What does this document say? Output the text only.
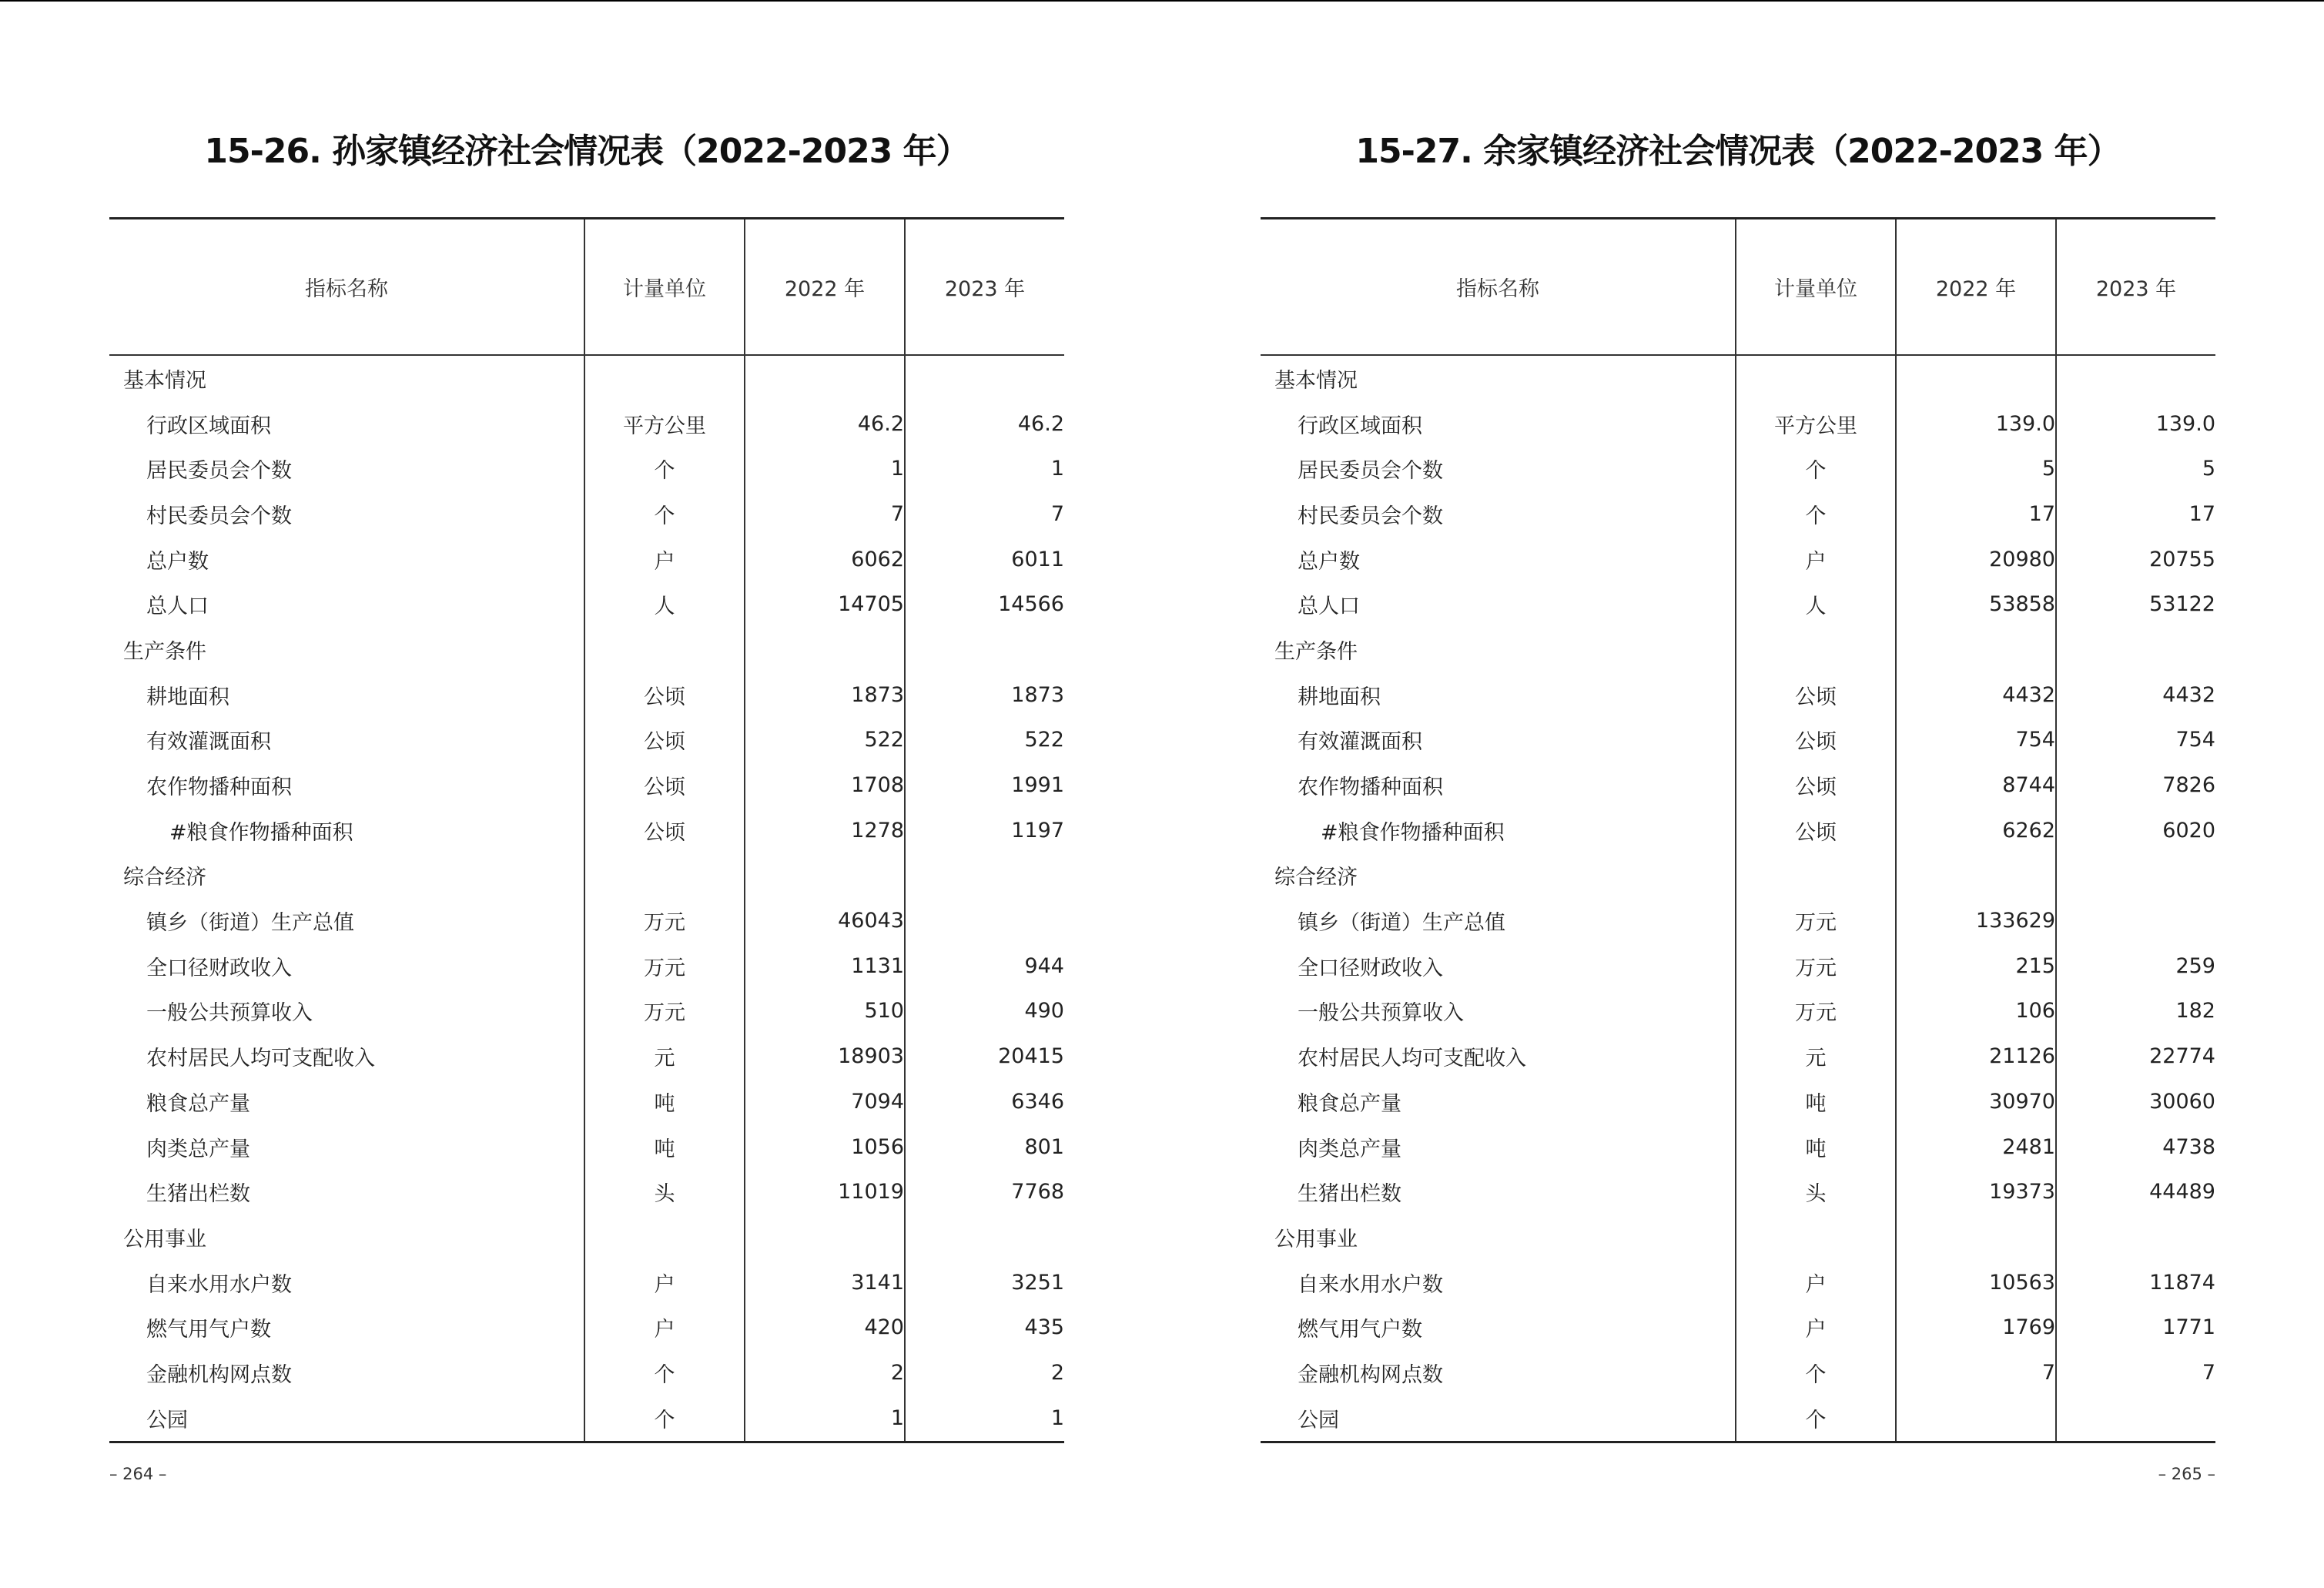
15-26. 孙家镇经济社会情况表（2022-2023 年）
指标名称	计量单位	2022 年	2023 年
基本情况			
行政区域面积	平方公里	46.2	46.2
居民委员会个数	个	1	1
村民委员会个数	个	7	7
总户数	户	6062	6011
总人口	人	14705	14566
生产条件			
耕地面积	公顷	1873	1873
有效灌溉面积	公顷	522	522
农作物播种面积	公顷	1708	1991
#粮食作物播种面积	公顷	1278	1197
综合经济			
镇乡（街道）生产总值	万元	46043	
全口径财政收入	万元	1131	944
一般公共预算收入	万元	510	490
农村居民人均可支配收入	元	18903	20415
粮食总产量	吨	7094	6346
肉类总产量	吨	1056	801
生猪出栏数	头	11019	7768
公用事业			
自来水用水户数	户	3141	3251
燃气用气户数	户	420	435
金融机构网点数	个	2	2
公园	个	1	1
– 264 –
15-27. 余家镇经济社会情况表（2022-2023 年）
指标名称	计量单位	2022 年	2023 年
基本情况			
行政区域面积	平方公里	139.0	139.0
居民委员会个数	个	5	5
村民委员会个数	个	17	17
总户数	户	20980	20755
总人口	人	53858	53122
生产条件			
耕地面积	公顷	4432	4432
有效灌溉面积	公顷	754	754
农作物播种面积	公顷	8744	7826
#粮食作物播种面积	公顷	6262	6020
综合经济			
镇乡（街道）生产总值	万元	133629	
全口径财政收入	万元	215	259
一般公共预算收入	万元	106	182
农村居民人均可支配收入	元	21126	22774
粮食总产量	吨	30970	30060
肉类总产量	吨	2481	4738
生猪出栏数	头	19373	44489
公用事业			
自来水用水户数	户	10563	11874
燃气用气户数	户	1769	1771
金融机构网点数	个	7	7
公园	个		
– 265 –
